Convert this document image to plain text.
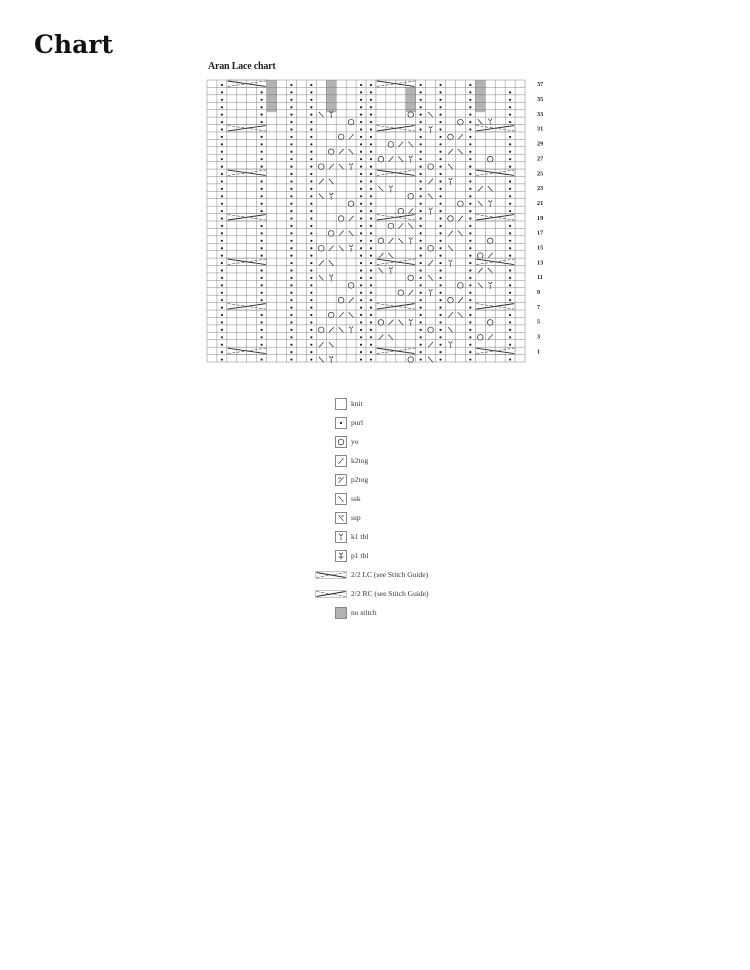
Chart
Aran Lace chart
37
35
33
31
29
27
25
23
21
19
17
15
13
11
9
7
5
3
1
knit
purl
yo
k2tog
p2tog
ssk
ssp
k1 tbl
p1 tbl
2/2 LC (see Stitch Guide)
2/2 RC (see Stitch Guide)
no stitch
